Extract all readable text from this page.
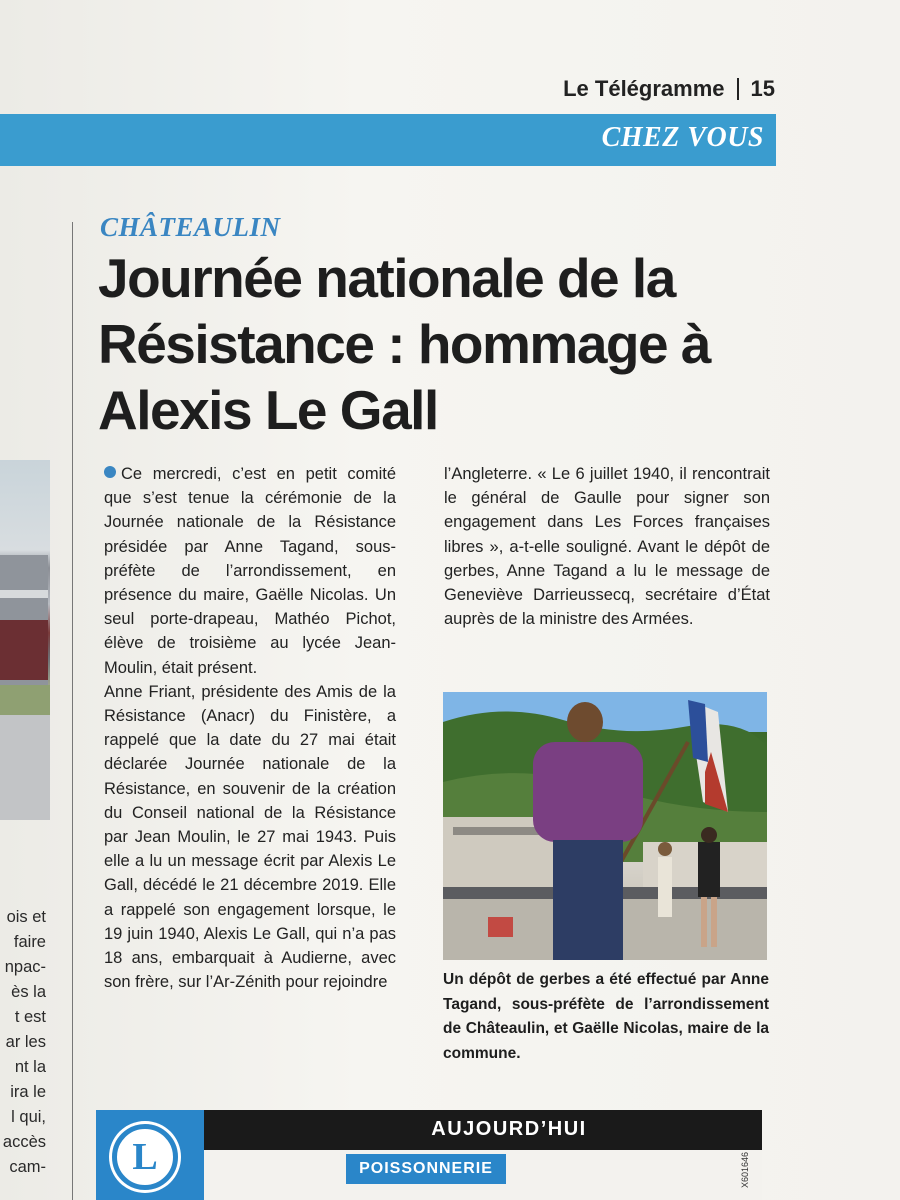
Le Télégramme 15
CHEZ VOUS
ois et
faire
npac-
ès la
t est
ar les
nt la
ira le
l qui,
accès
cam-
CHÂTEAULIN
Journée nationale de la Résistance : hommage à Alexis Le Gall

Ce mercredi, c’est en petit comité que s’est tenue la cérémonie de la Journée nationale de la Résistance présidée par Anne Tagand, sous-préfète de l’arrondissement, en présence du maire, Gaëlle Nicolas. Un seul porte-drapeau, Mathéo Pichot, élève de troisième au lycée Jean-Moulin, était présent.

Anne Friant, présidente des Amis de la Résistance (Anacr) du Finistère, a rappelé que la date du 27 mai était déclarée Journée nationale de la Résistance, en souvenir de la création du Conseil national de la Résistance par Jean Moulin, le 27 mai 1943. Puis elle a lu un message écrit par Alexis Le Gall, décédé le 21 décembre 2019. Elle a rappelé son engagement lorsque, le 19 juin 1940, Alexis Le Gall, qui n’a pas 18 ans, embarquait à Audierne, avec son frère, sur l’Ar-Zénith pour rejoindre

l’Angleterre. « Le 6 juillet 1940, il rencontrait le général de Gaulle pour signer son engagement dans Les Forces françaises libres », a-t-elle souligné. Avant le dépôt de gerbes, Anne Tagand a lu le message de Geneviève Darrieussecq, secrétaire d’État auprès de la ministre des Armées.

Un dépôt de gerbes a été effectué par Anne Tagand, sous-préfète de l’arrondissement de Châteaulin, et Gaëlle Nicolas, maire de la commune.
L
AUJOURD’HUI
POISSONNERIE	X601646
